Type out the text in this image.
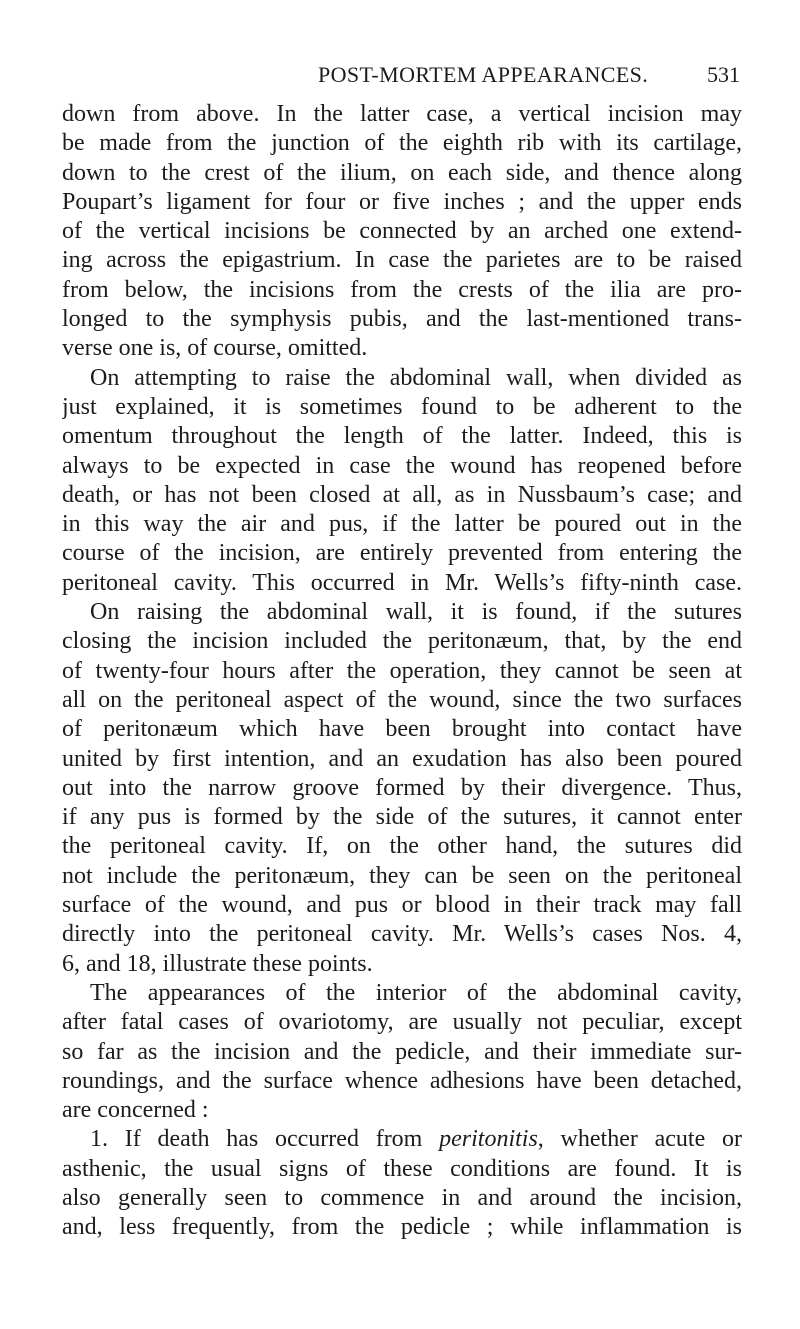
POST-MORTEM APPEARANCES.	531
down from above. In the latter case, a vertical incision may
be made from the junction of the eighth rib with its cartilage,
down to the crest of the ilium, on each side, and thence along
Poupart’s ligament for four or five inches ; and the upper ends
of the vertical incisions be connected by an arched one extend-
ing across the epigastrium. In case the parietes are to be raised
from below, the incisions from the crests of the ilia are pro-
longed to the symphysis pubis, and the last-mentioned trans-
verse one is, of course, omitted.
On attempting to raise the abdominal wall, when divided as
just explained, it is sometimes found to be adherent to the
omentum throughout the length of the latter. Indeed, this is
always to be expected in case the wound has reopened before
death, or has not been closed at all, as in Nussbaum’s case; and
in this way the air and pus, if the latter be poured out in the
course of the incision, are entirely prevented from entering the
peritoneal cavity. This occurred in Mr. Wells’s fifty-ninth case.
On raising the abdominal wall, it is found, if the sutures
closing the incision included the peritonæum, that, by the end
of twenty-four hours after the operation, they cannot be seen at
all on the peritoneal aspect of the wound, since the two surfaces
of peritonæum which have been brought into contact have
united by first intention, and an exudation has also been poured
out into the narrow groove formed by their divergence. Thus,
if any pus is formed by the side of the sutures, it cannot enter
the peritoneal cavity. If, on the other hand, the sutures did
not include the peritonæum, they can be seen on the peritoneal
surface of the wound, and pus or blood in their track may fall
directly into the peritoneal cavity. Mr. Wells’s cases Nos. 4,
6, and 18, illustrate these points.
The appearances of the interior of the abdominal cavity,
after fatal cases of ovariotomy, are usually not peculiar, except
so far as the incision and the pedicle, and their immediate sur-
roundings, and the surface whence adhesions have been detached,
are concerned :
1. If death has occurred from peritonitis, whether acute or
asthenic, the usual signs of these conditions are found. It is
also generally seen to commence in and around the incision,
and, less frequently, from the pedicle ; while inflammation is
